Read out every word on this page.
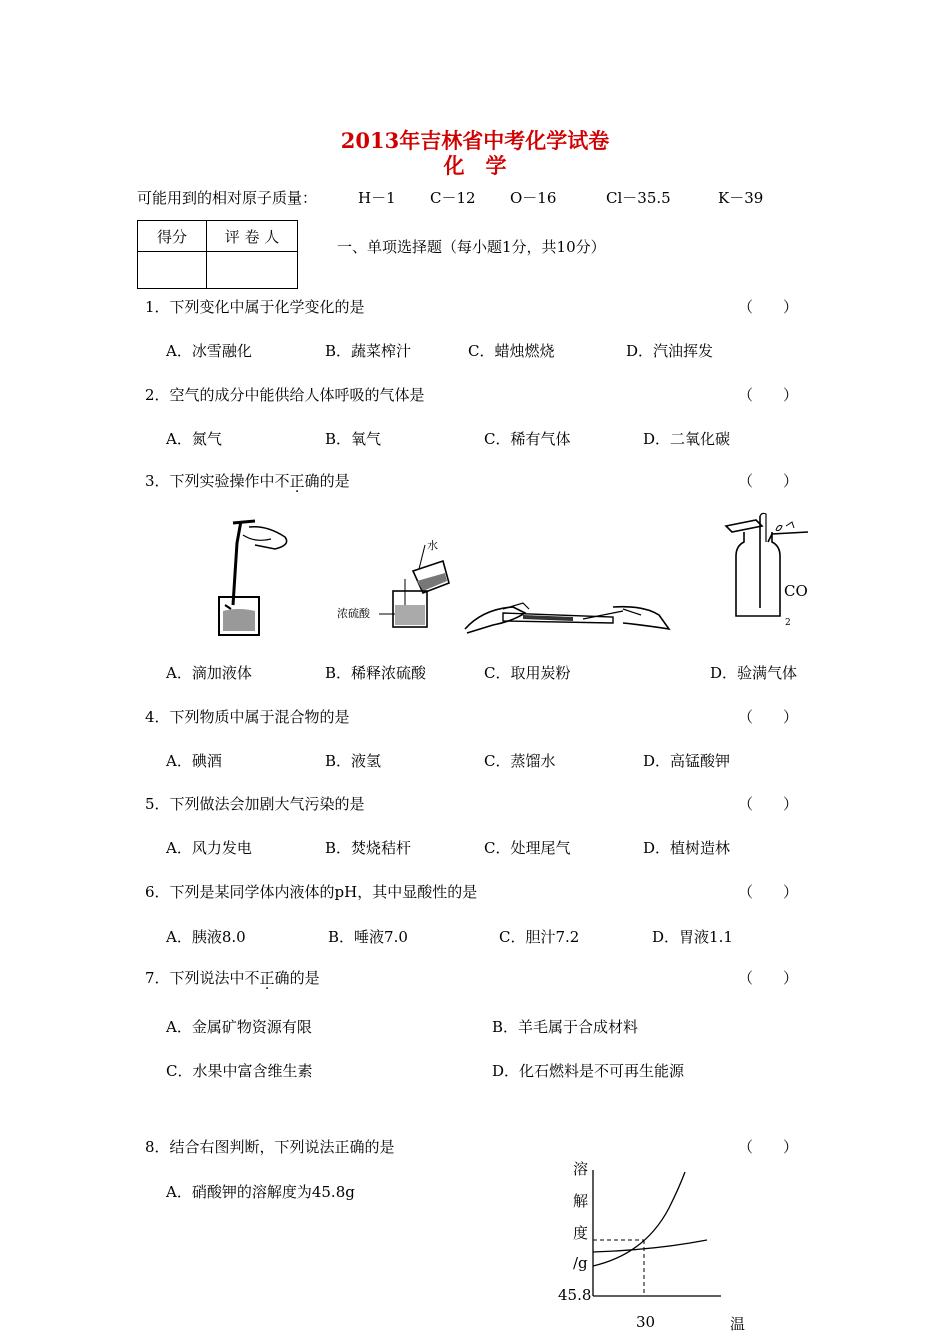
2013年吉林省中考化学试卷
化　学
可能用到的相对原子质量：	H－1 C－12 O－16	Cl－35.5	K－39
得分	评 卷 人

一、单项选择题（每小题1分，共10分）
1．下列变化中属于化学变化的是	（　　）
A．冰雪融化	B．蔬菜榨汁	C．蜡烛燃烧	D．汽油挥发
2．空气的成分中能供给人体呼吸的气体是	（　　）
A．氮气	B．氧气	C．稀有气体	D．二氧化碳
3．下列实验操作中不正确的是	（　　）
水
浓硫酸
CO
2
A．滴加液体	B．稀释浓硫酸	C．取用炭粉	D．验满气体
4．下列物质中属于混合物的是	（　　）
A．碘酒	B．液氢	C．蒸馏水	D．高锰酸钾
5．下列做法会加剧大气污染的是	（　　）
A．风力发电	B．焚烧秸杆	C．处理尾气	D．植树造林
6．下列是某同学体内液体的pH，其中显酸性的是	（　　）
A．胰液8.0	B．唾液7.0	C．胆汁7.2	D．胃液1.1
7．下列说法中不正确的是	（　　）
A．金属矿物资源有限	B．羊毛属于合成材料
C．水果中富含维生素	D．化石燃料是不可再生能源
8．结合右图判断，下列说法正确的是	（　　）
A．硝酸钾的溶解度为45.8g
溶
解
度
/g
45.8
30	温
